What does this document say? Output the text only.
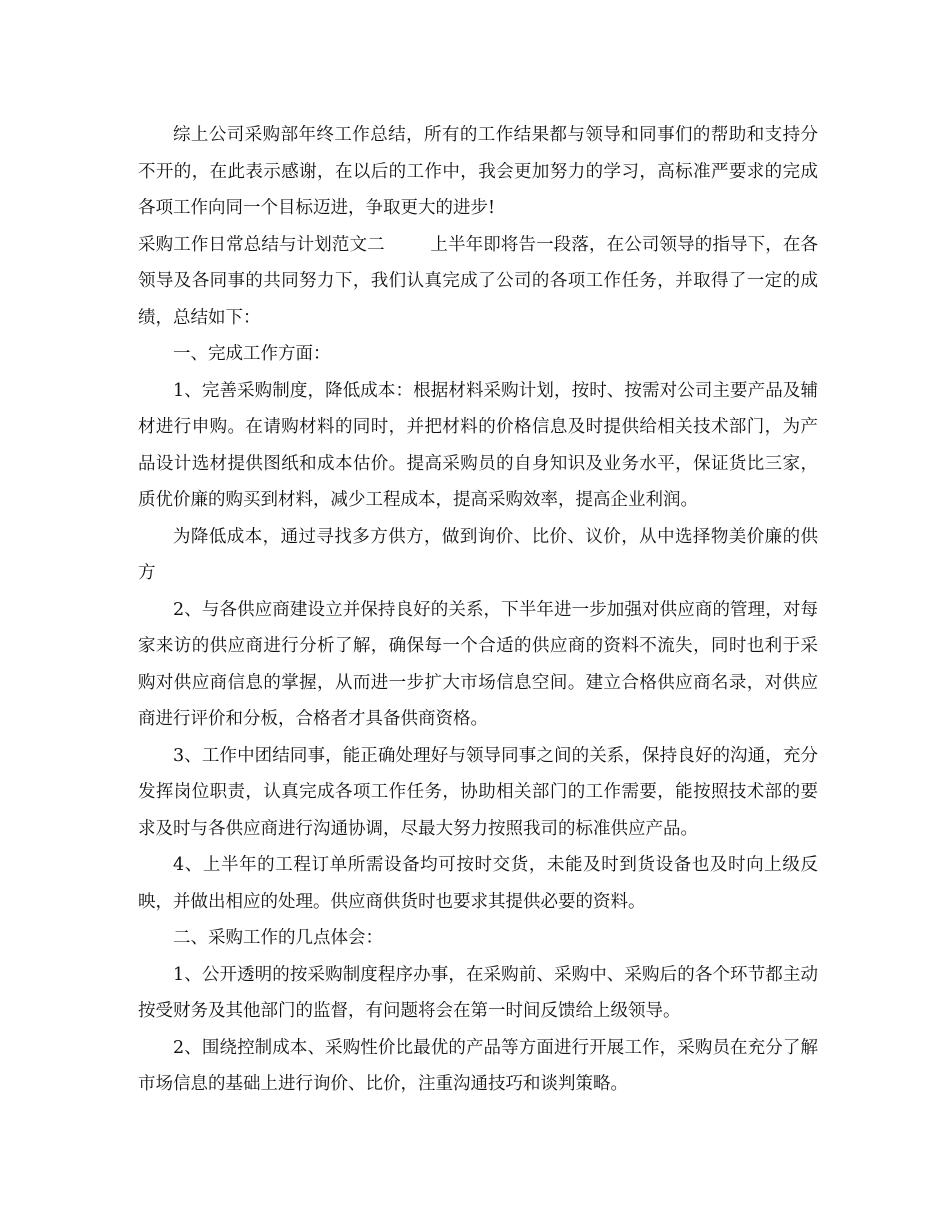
综上公司采购部年终工作总结，所有的工作结果都与领导和同事们的帮助和支持分不开的，在此表示感谢，在以后的工作中，我会更加努力的学习，高标准严要求的完成各项工作向同一个目标迈进，争取更大的进步!

采购工作日常总结与计划范文二	上半年即将告一段落，在公司领导的指导下，在各领导及各同事的共同努力下，我们认真完成了公司的各项工作任务，并取得了一定的成绩，总结如下：

一、完成工作方面：

1、完善采购制度，降低成本：根据材料采购计划，按时、按需对公司主要产品及辅材进行申购。在请购材料的同时，并把材料的价格信息及时提供给相关技术部门，为产品设计选材提供图纸和成本估价。提高采购员的自身知识及业务水平，保证货比三家，质优价廉的购买到材料，减少工程成本，提高采购效率，提高企业利润。

为降低成本，通过寻找多方供方，做到询价、比价、议价，从中选择物美价廉的供方

2、与各供应商建设立并保持良好的关系，下半年进一步加强对供应商的管理，对每家来访的供应商进行分析了解，确保每一个合适的供应商的资料不流失，同时也利于采购对供应商信息的掌握，从而进一步扩大市场信息空间。建立合格供应商名录，对供应商进行评价和分板，合格者才具备供商资格。

3、工作中团结同事，能正确处理好与领导同事之间的关系，保持良好的沟通，充分发挥岗位职责，认真完成各项工作任务，协助相关部门的工作需要，能按照技术部的要求及时与各供应商进行沟通协调，尽最大努力按照我司的标准供应产品。

4、上半年的工程订单所需设备均可按时交货，未能及时到货设备也及时向上级反映，并做出相应的处理。供应商供货时也要求其提供必要的资料。

二、采购工作的几点体会：

1、公开透明的按采购制度程序办事，在采购前、采购中、采购后的各个环节都主动按受财务及其他部门的监督，有问题将会在第一时间反馈给上级领导。

2、围绕控制成本、采购性价比最优的产品等方面进行开展工作，采购员在充分了解市场信息的基础上进行询价、比价，注重沟通技巧和谈判策略。
